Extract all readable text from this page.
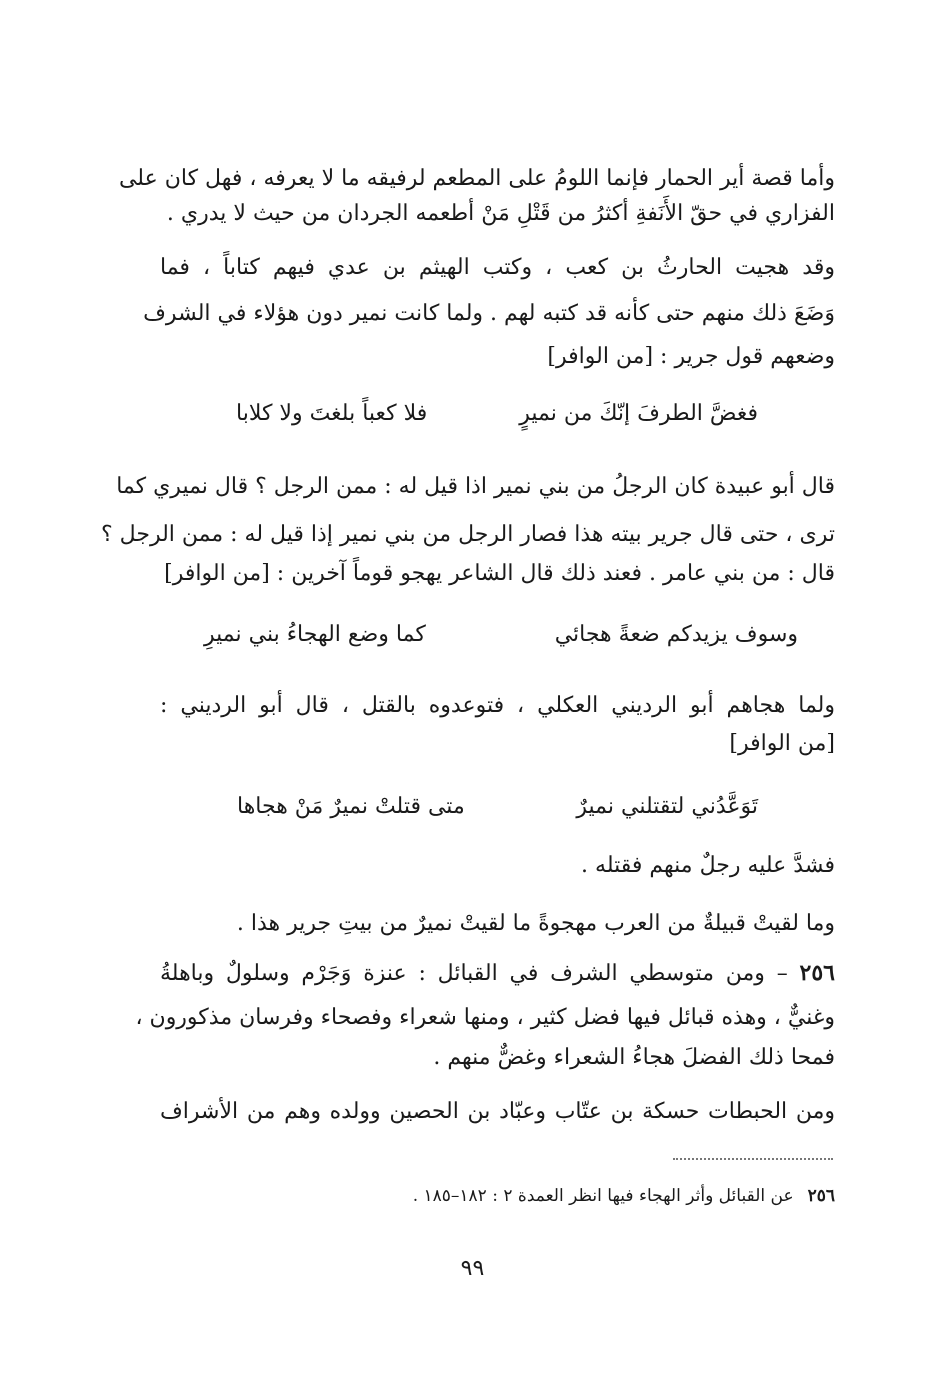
وأما قصة أير الحمار فإنما اللومُ على المطعم لرفيقه ما لا يعرفه ، فهل كان على
الفزاري في حقّ الأَنَفةِ أكثرُ من قَتْلِ مَنْ أطعمه الجردان من حيث لا يدري .
وقد هجيت الحارثُ بن كعب ، وكتب الهيثم بن عدي فيهم كتاباً ، فما
وَضَعَ ذلك منهم حتى كأنه قد كتبه لهم . ولما كانت نمير دون هؤلاء في الشرف
وضعهم قول جرير : [من الوافر]
فغضَّ الطرفَ إنّكَ من نميرٍ
فلا كعباً بلغتَ ولا كلابا
قال أبو عبيدة كان الرجلُ من بني نمير اذا قيل له : ممن الرجل ؟ قال نميري كما
ترى ، حتى قال جرير بيته هذا فصار الرجل من بني نمير إذا قيل له : ممن الرجل ؟
قال : من بني عامر . فعند ذلك قال الشاعر يهجو قوماً آخرين : [من الوافر]
وسوف يزيدكم ضعةً هجائي
كما وضع الهجاءُ بني نميرِ
ولما هجاهم أبو الرديني العكلي ، فتوعدوه بالقتل ، قال أبو الرديني :
[من الوافر]
تَوَعَّدُني لتقتلني نميرٌ
متى قتلتْ نميرٌ مَنْ هجاها
فشدَّ عليه رجلٌ منهم فقتله .
وما لقيتْ قبيلةٌ من العرب مهجوةً ما لقيتْ نميرٌ من بيتِ جرير هذا .
٢٥٦ – ومن متوسطي الشرف في القبائل : عنزة وَجَرْم وسلولٌ وباهلةُ
وغنيٌّ ، وهذه قبائل فيها فضل كثير ، ومنها شعراء وفصحاء وفرسان مذكورون ،
فمحا ذلك الفضلَ هجاءُ الشعراء وغضٌّ منهم .
ومن الحبطات حسكة بن عتّاب وعبّاد بن الحصين وولده وهم من الأشراف
٢٥٦عن القبائل وأثر الهجاء فيها انظر العمدة ٢ : ١٨٢–١٨٥ .
٩٩
